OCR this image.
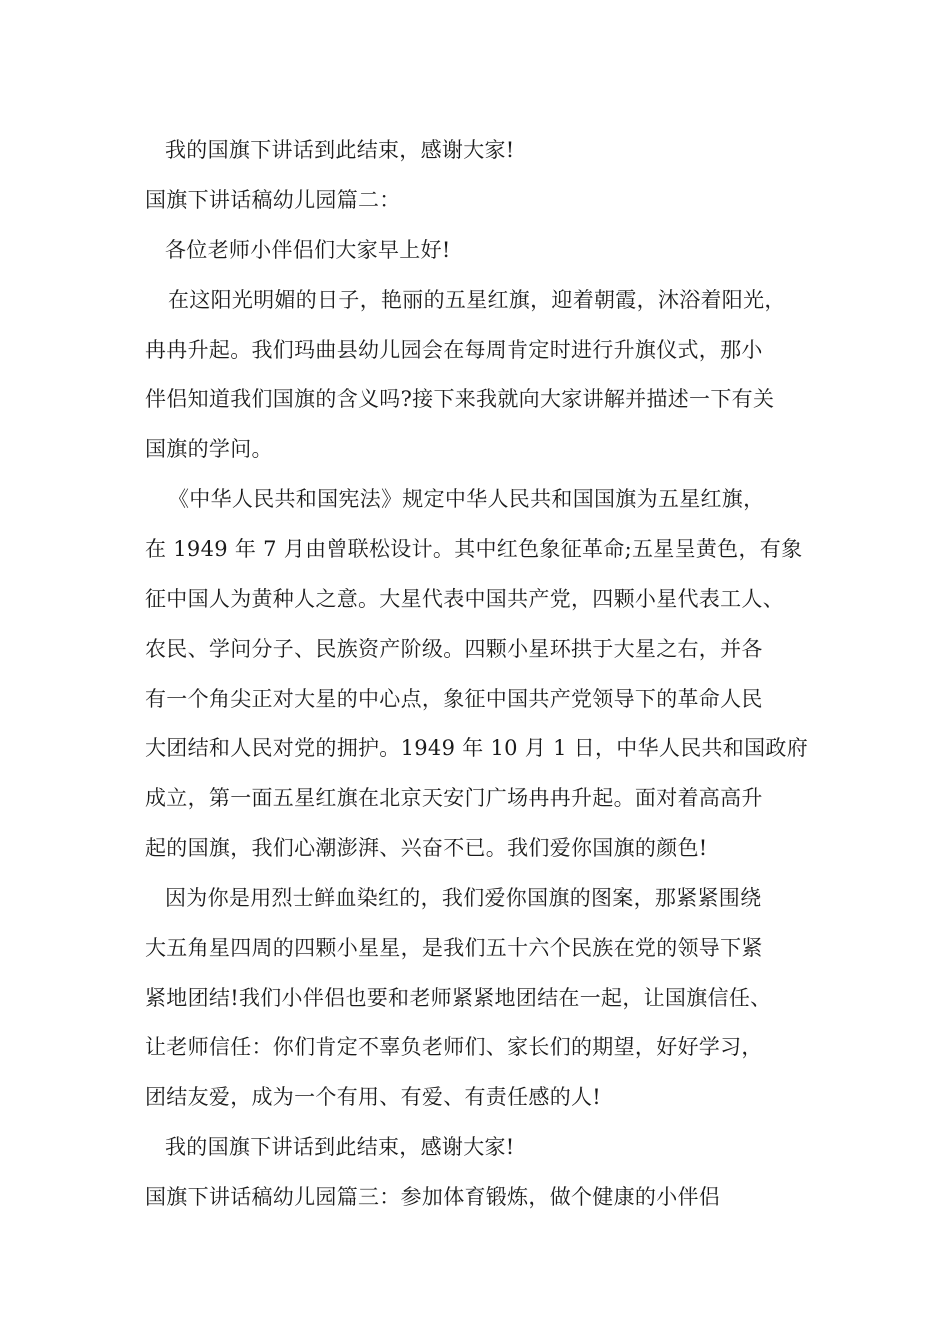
我的国旗下讲话到此结束，感谢大家!
国旗下讲话稿幼儿园篇二：
各位老师小伴侣们大家早上好!
在这阳光明媚的日子，艳丽的五星红旗，迎着朝霞，沐浴着阳光，
冉冉升起。我们玛曲县幼儿园会在每周肯定时进行升旗仪式，那小
伴侣知道我们国旗的含义吗?接下来我就向大家讲解并描述一下有关
国旗的学问。
《中华人民共和国宪法》规定中华人民共和国国旗为五星红旗，
在 1949 年 7 月由曾联松设计。其中红色象征革命;五星呈黄色，有象
征中国人为黄种人之意。大星代表中国共产党，四颗小星代表工人、
农民、学问分子、民族资产阶级。四颗小星环拱于大星之右，并各
有一个角尖正对大星的中心点，象征中国共产党领导下的革命人民
大团结和人民对党的拥护。1949 年 10 月 1 日，中华人民共和国政府
成立，第一面五星红旗在北京天安门广场冉冉升起。面对着高高升
起的国旗，我们心潮澎湃、兴奋不已。我们爱你国旗的颜色!
因为你是用烈士鲜血染红的，我们爱你国旗的图案，那紧紧围绕
大五角星四周的四颗小星星，是我们五十六个民族在党的领导下紧
紧地团结!我们小伴侣也要和老师紧紧地团结在一起，让国旗信任、
让老师信任：你们肯定不辜负老师们、家长们的期望，好好学习，
团结友爱，成为一个有用、有爱、有责任感的人!
我的国旗下讲话到此结束，感谢大家!
国旗下讲话稿幼儿园篇三：参加体育锻炼，做个健康的小伴侣
